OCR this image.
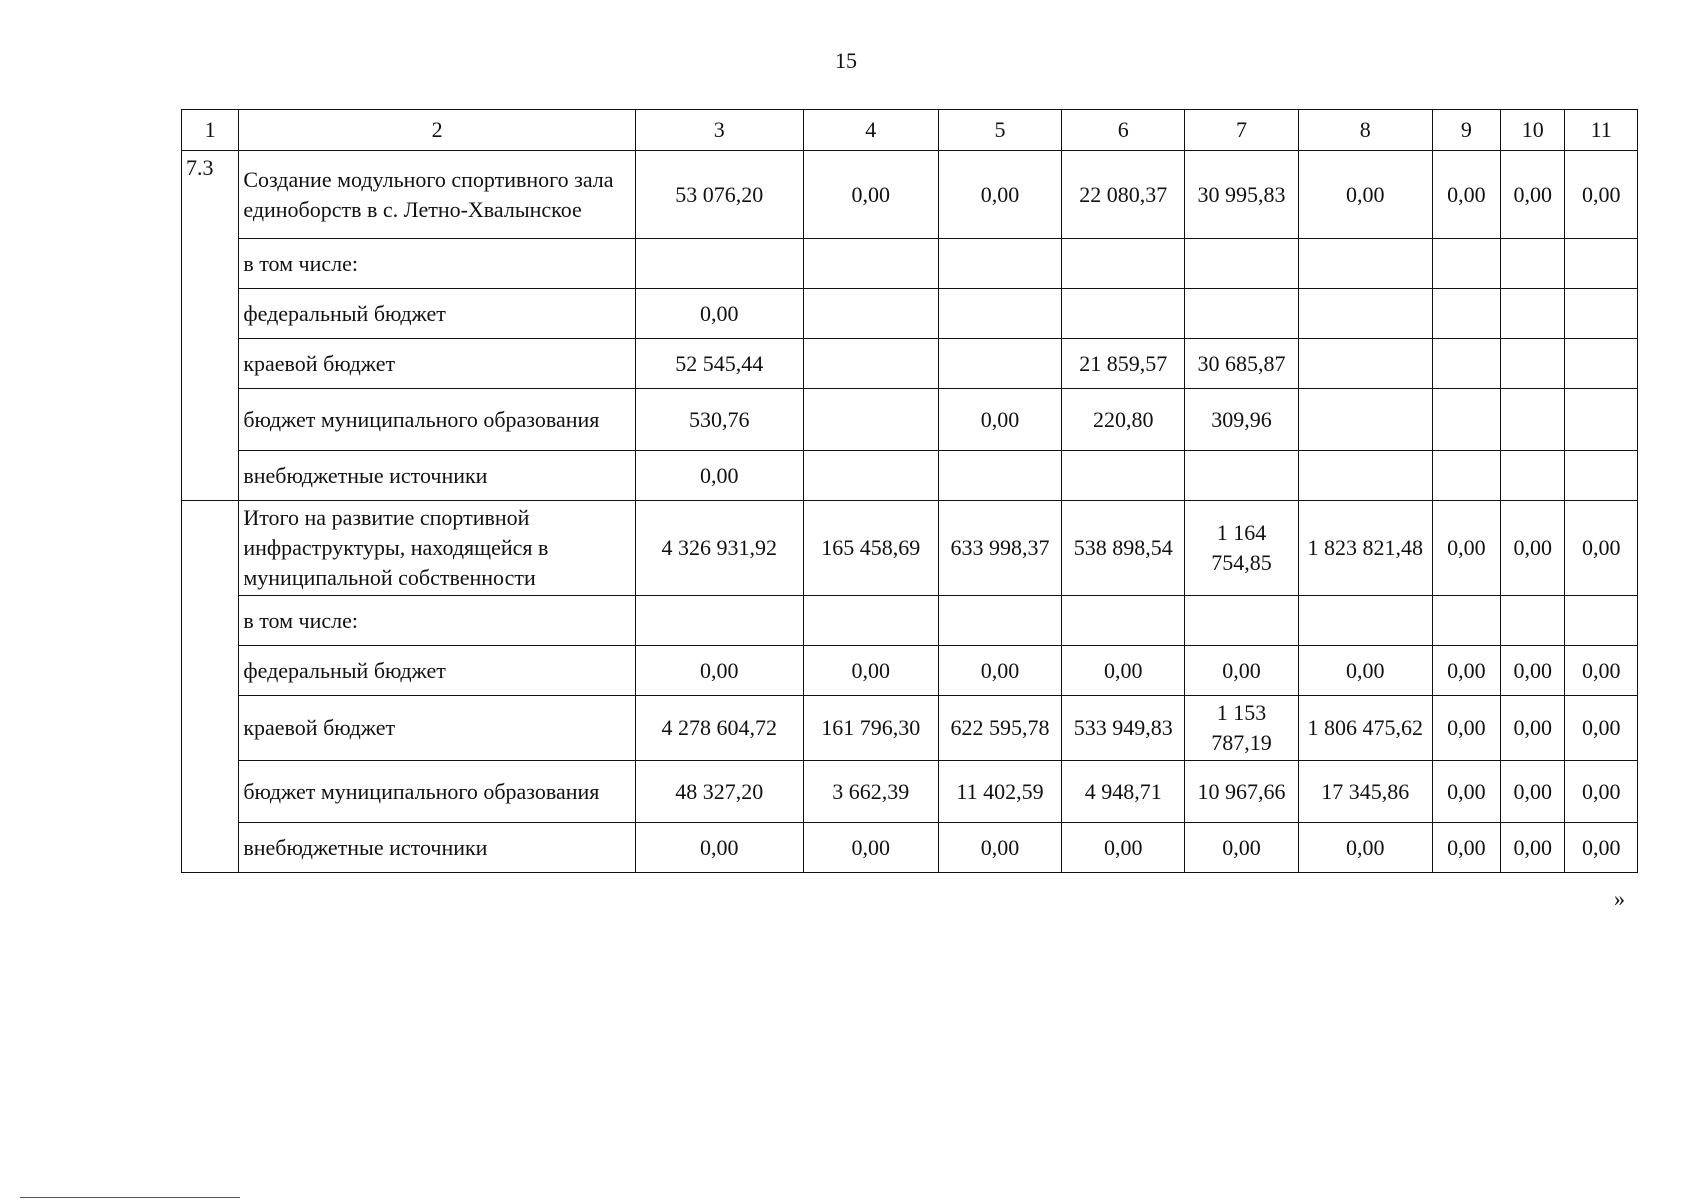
15
1	2	3	4	5	6	7	8	9	10	11
7.3	Создание модульного спортивного зала единоборств в с. Летно-Хвалынское	53 076,20	0,00	0,00	22 080,37	30 995,83	0,00	0,00	0,00	0,00
	в том числе:									
	федеральный бюджет	0,00								
	краевой бюджет	52 545,44			21 859,57	30 685,87				
	бюджет муниципального образования	530,76		0,00	220,80	309,96				
	внебюджетные источники	0,00								
	Итого на развитие спортивной инфраструктуры, находящейся в муниципальной собственности	4 326 931,92	165 458,69	633 998,37	538 898,54	1 164 754,85	1 823 821,48	0,00	0,00	0,00
	в том числе:									
	федеральный бюджет	0,00	0,00	0,00	0,00	0,00	0,00	0,00	0,00	0,00
	краевой бюджет	4 278 604,72	161 796,30	622 595,78	533 949,83	1 153 787,19	1 806 475,62	0,00	0,00	0,00
	бюджет муниципального образования	48 327,20	3 662,39	11 402,59	4 948,71	10 967,66	17 345,86	0,00	0,00	0,00
	внебюджетные источники	0,00	0,00	0,00	0,00	0,00	0,00	0,00	0,00	0,00
»
